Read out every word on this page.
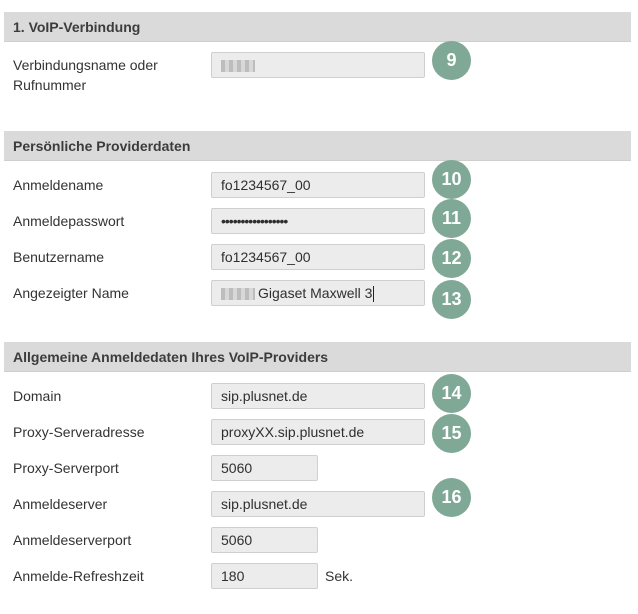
1. VoIP-Verbindung
Verbindungsname oder
Rufnummer
9
Persönliche Providerdaten
Anmeldename	fo1234567_00	10
Anmeldepasswort	•••••••••••••••••	11
Benutzername	fo1234567_00	12
Angezeigter Name	Gigaset Maxwell 3	13
Allgemeine Anmeldedaten Ihres VoIP-Providers
Domain	sip.plusnet.de	14
Proxy-Serveradresse	proxyXX.sip.plusnet.de	15
Proxy-Serverport	5060
Anmeldeserver	sip.plusnet.de	16
Anmeldeserverport	5060
Anmelde-Refreshzeit	180	Sek.
